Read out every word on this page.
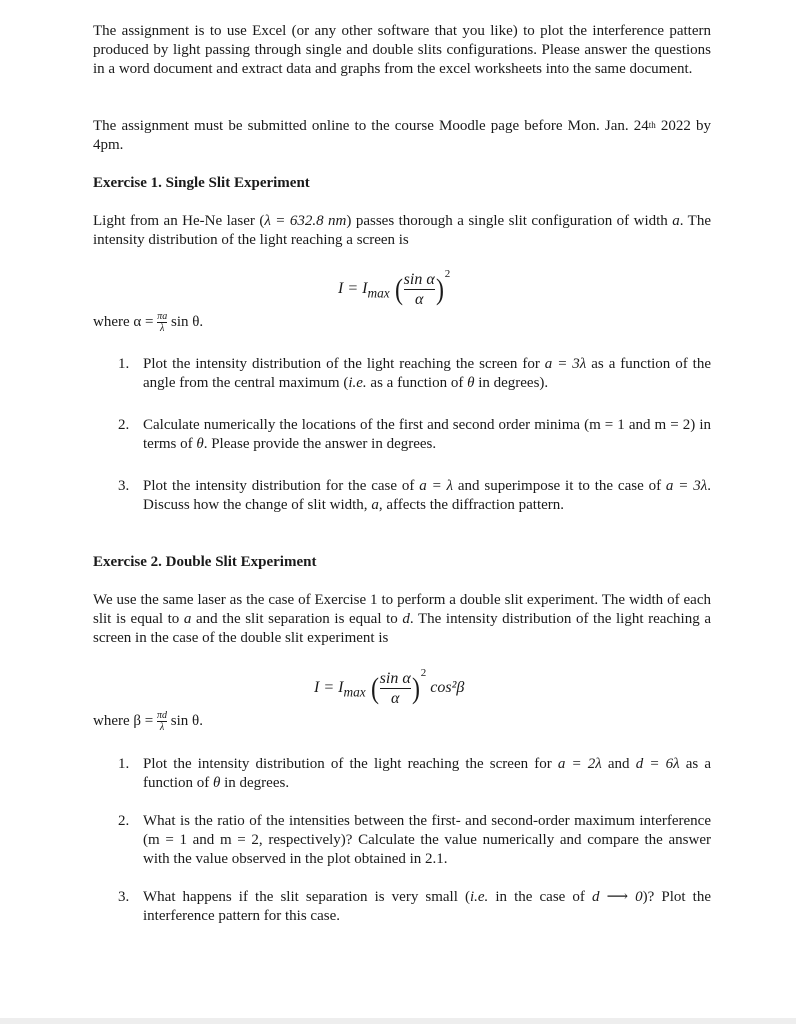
The assignment is to use Excel (or any other software that you like) to plot the interference pattern produced by light passing through single and double slits configurations. Please answer the questions in a word document and extract data and graphs from the excel worksheets into the same document.

The assignment must be submitted online to the course Moodle page before Mon. Jan. 24th 2022 by 4pm.

Exercise 1. Single Slit Experiment

Light from an He-Ne laser (λ = 632.8 nm) passes thorough a single slit configuration of width a. The intensity distribution of the light reaching a screen is

$I = I_{max}$ ( $\frac{\text{sin α}}{\alpha} )^2$
where $\alpha = \frac{\pi a}{\lambda}$ sin θ.
1. Plot the intensity distribution of the light reaching the screen for a = 3λ as a function of the angle from the central maximum (i.e. as a function of θ in degrees).
2. Calculate numerically the locations of the first and second order minima (m = 1 and m = 2) in terms of θ. Please provide the answer in degrees.
3. Plot the intensity distribution for the case of a = λ and superimpose it to the case of a = 3λ. Discuss how the change of slit width, a, affects the diffraction pattern.

Exercise 2. Double Slit Experiment

We use the same laser as the case of Exercise 1 to perform a double slit experiment. The width of each slit is equal to a and the slit separation is equal to d. The intensity distribution of the light reaching a screen in the case of the double slit experiment is

$I = I_{max}$ ( $\frac{\text{sin α}}{\alpha} )^2$ cos²β
where $\beta = \frac{\pi d}{\lambda}$ sin θ.
1. Plot the intensity distribution of the light reaching the screen for a = 2λ and d = 6λ as a function of θ in degrees.
2. What is the ratio of the intensities between the first- and second-order maximum interference (m = 1 and m = 2, respectively)? Calculate the value numerically and compare the answer with the value observed in the plot obtained in 2.1.
3. What happens if the slit separation is very small (i.e. in the case of d ⟶ 0)? Plot the interference pattern for this case.
